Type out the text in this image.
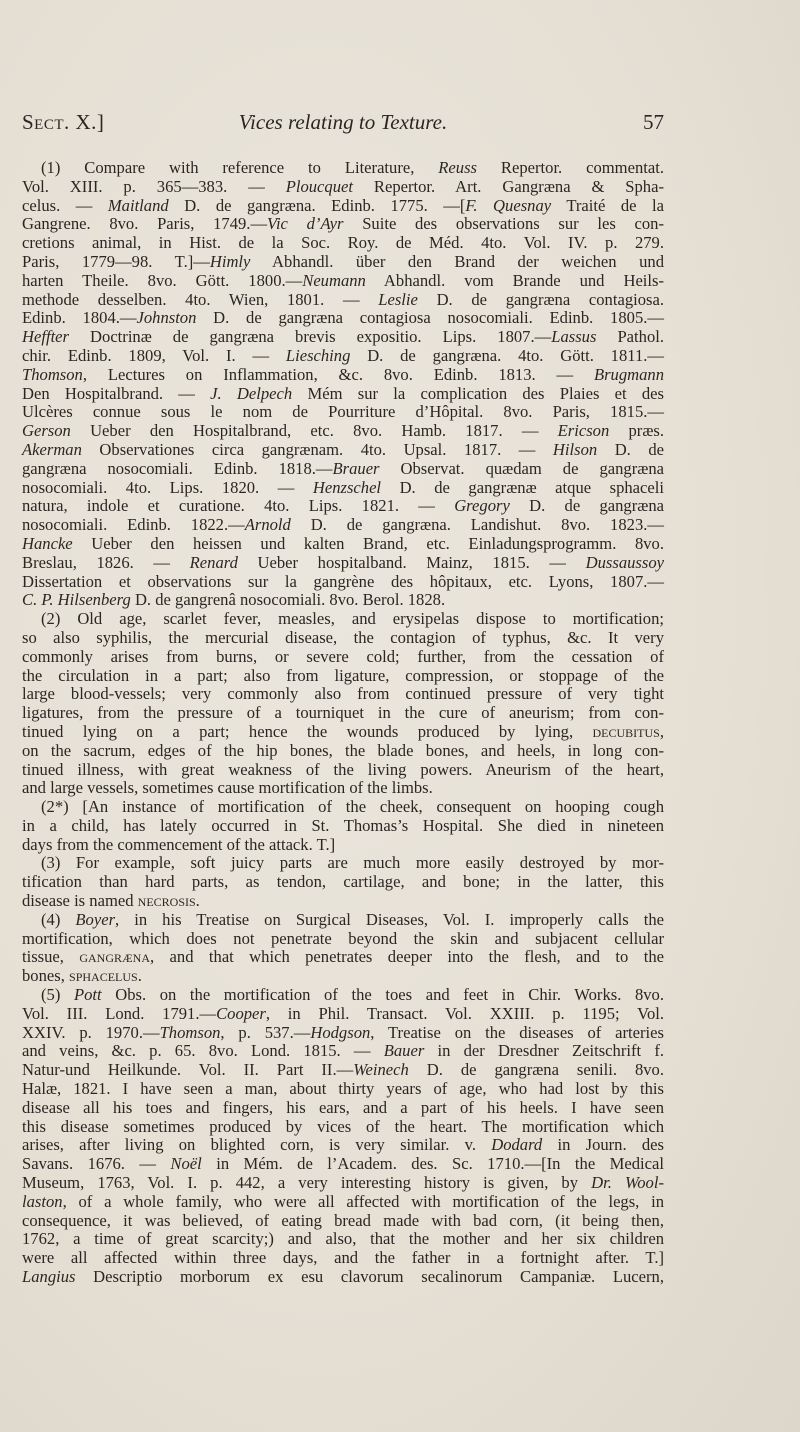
Sect. X.]	Vices relating to Texture.	57
(1) Compare with reference to Literature, Reuss Repertor. commentat.
Vol. XIII. p. 365—383. — Ploucquet Repertor. Art. Gangræna & Spha-
celus. — Maitland D. de gangræna. Edinb. 1775. —[F. Quesnay Traité de la
Gangrene. 8vo. Paris, 1749.—Vic d’Ayr Suite des observations sur les con-
cretions animal, in Hist. de la Soc. Roy. de Méd. 4to. Vol. IV. p. 279.
Paris, 1779—98. T.]—Himly Abhandl. über den Brand der weichen und
harten Theile. 8vo. Gött. 1800.—Neumann Abhandl. vom Brande und Heils-
methode desselben. 4to. Wien, 1801. — Leslie D. de gangræna contagiosa.
Edinb. 1804.—Johnston D. de gangræna contagiosa nosocomiali. Edinb. 1805.—
Heffter Doctrinæ de gangræna brevis expositio. Lips. 1807.—Lassus Pathol.
chir. Edinb. 1809, Vol. I. — Liesching D. de gangræna. 4to. Gött. 1811.—
Thomson, Lectures on Inflammation, &c. 8vo. Edinb. 1813. — Brugmann
Den Hospitalbrand. — J. Delpech Mém sur la complication des Plaies et des
Ulcères connue sous le nom de Pourriture d’Hôpital. 8vo. Paris, 1815.—
Gerson Ueber den Hospitalbrand, etc. 8vo. Hamb. 1817. — Ericson præs.
Akerman Observationes circa gangrænam. 4to. Upsal. 1817. — Hilson D. de
gangræna nosocomiali. Edinb. 1818.—Brauer Observat. quædam de gangræna
nosocomiali. 4to. Lips. 1820. — Henzschel D. de gangrænæ atque sphaceli
natura, indole et curatione. 4to. Lips. 1821. — Gregory D. de gangræna
nosocomiali. Edinb. 1822.—Arnold D. de gangræna. Landishut. 8vo. 1823.—
Hancke Ueber den heissen und kalten Brand, etc. Einladungsprogramm. 8vo.
Breslau, 1826. — Renard Ueber hospitalband. Mainz, 1815. — Dussaussoy
Dissertation et observations sur la gangrène des hôpitaux, etc. Lyons, 1807.—
C. P. Hilsenberg D. de gangrenâ nosocomiali. 8vo. Berol. 1828.
(2) Old age, scarlet fever, measles, and erysipelas dispose to mortification;
so also syphilis, the mercurial disease, the contagion of typhus, &c. It very
commonly arises from burns, or severe cold; further, from the cessation of
the circulation in a part; also from ligature, compression, or stoppage of the
large blood-vessels; very commonly also from continued pressure of very tight
ligatures, from the pressure of a tourniquet in the cure of aneurism; from con-
tinued lying on a part; hence the wounds produced by lying, decubitus,
on the sacrum, edges of the hip bones, the blade bones, and heels, in long con-
tinued illness, with great weakness of the living powers. Aneurism of the heart,
and large vessels, sometimes cause mortification of the limbs.
(2*) [An instance of mortification of the cheek, consequent on hooping cough
in a child, has lately occurred in St. Thomas’s Hospital. She died in nineteen
days from the commencement of the attack. T.]
(3) For example, soft juicy parts are much more easily destroyed by mor-
tification than hard parts, as tendon, cartilage, and bone; in the latter, this
disease is named necrosis.
(4) Boyer, in his Treatise on Surgical Diseases, Vol. I. improperly calls the
mortification, which does not penetrate beyond the skin and subjacent cellular
tissue, gangræna, and that which penetrates deeper into the flesh, and to the
bones, sphacelus.
(5) Pott Obs. on the mortification of the toes and feet in Chir. Works. 8vo.
Vol. III. Lond. 1791.—Cooper, in Phil. Transact. Vol. XXIII. p. 1195; Vol.
XXIV. p. 1970.—Thomson, p. 537.—Hodgson, Treatise on the diseases of arteries
and veins, &c. p. 65. 8vo. Lond. 1815. — Bauer in der Dresdner Zeitschrift f.
Natur-und Heilkunde. Vol. II. Part II.—Weinech D. de gangræna senili. 8vo.
Halæ, 1821. I have seen a man, about thirty years of age, who had lost by this
disease all his toes and fingers, his ears, and a part of his heels. I have seen
this disease sometimes produced by vices of the heart. The mortification which
arises, after living on blighted corn, is very similar. v. Dodard in Journ. des
Savans. 1676. — Noël in Mém. de l’Academ. des. Sc. 1710.—[In the Medical
Museum, 1763, Vol. I. p. 442, a very interesting history is given, by Dr. Wool-
laston, of a whole family, who were all affected with mortification of the legs, in
consequence, it was believed, of eating bread made with bad corn, (it being then,
1762, a time of great scarcity;) and also, that the mother and her six children
were all affected within three days, and the father in a fortnight after. T.]
Langius Descriptio morborum ex esu clavorum secalinorum Campaniæ. Lucern,
